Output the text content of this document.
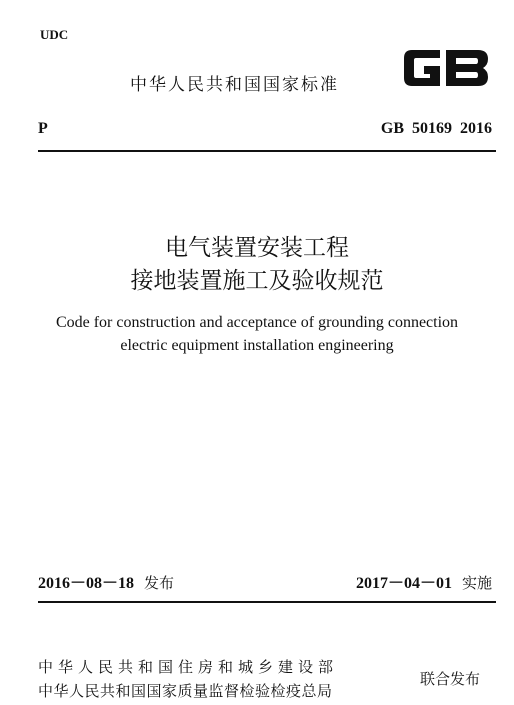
UDC
中华人民共和国国家标准
P	GB 50169 2016
电气装置安装工程
接地装置施工及验收规范
Code for construction and acceptance of grounding connection
electric equipment installation engineering
2016－08－18 发布	2017－04－01 实施
中华人民共和国住房和城乡建设部
中华人民共和国国家质量监督检验检疫总局
联合发布
